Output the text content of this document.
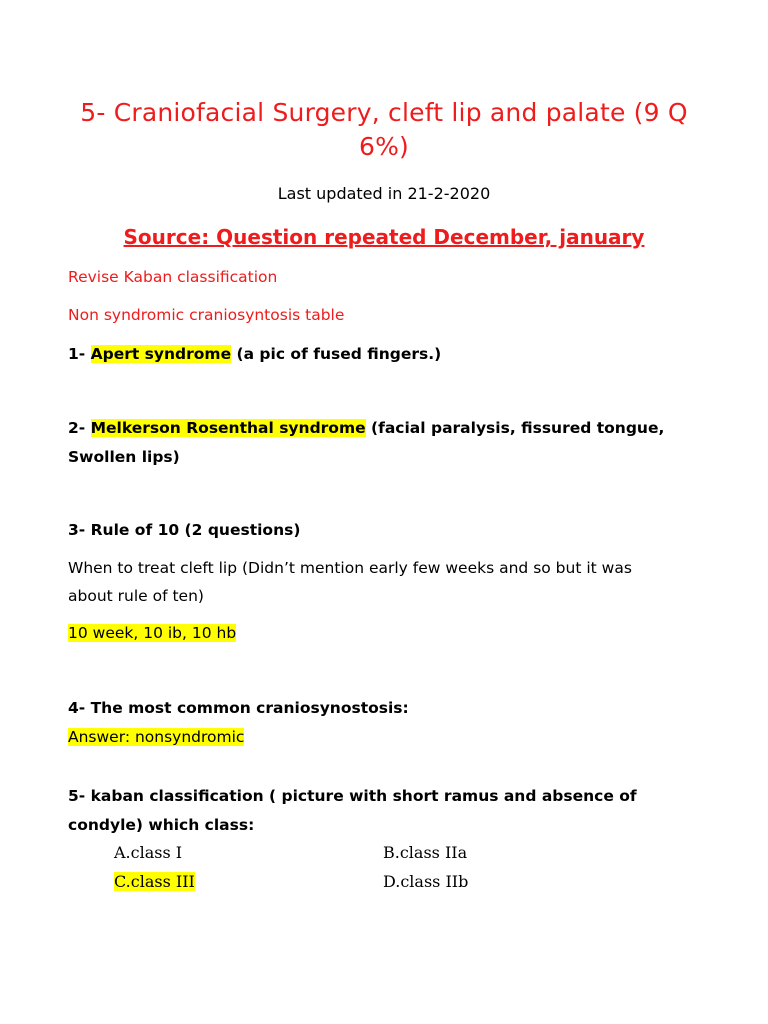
5- Craniofacial Surgery, cleft lip and palate (9 Q
6%)
Last updated in 21-2-2020
Source: Question repeated December, january
Revise Kaban classification
Non syndromic craniosyntosis table
1- Apert syndrome (a pic of fused fingers.)
2- Melkerson Rosenthal syndrome (facial paralysis, fissured tongue,
Swollen lips)
3- Rule of 10 (2 questions)
When to treat cleft lip (Didn’t mention early few weeks and so but it was
about rule of ten)
10 week, 10 ib, 10 hb
4- The most common craniosynostosis:
Answer: nonsyndromic
5- kaban classification ( picture with short ramus and absence of
condyle) which class:
A.class I	B.class IIa
C.class III	D.class IIb
